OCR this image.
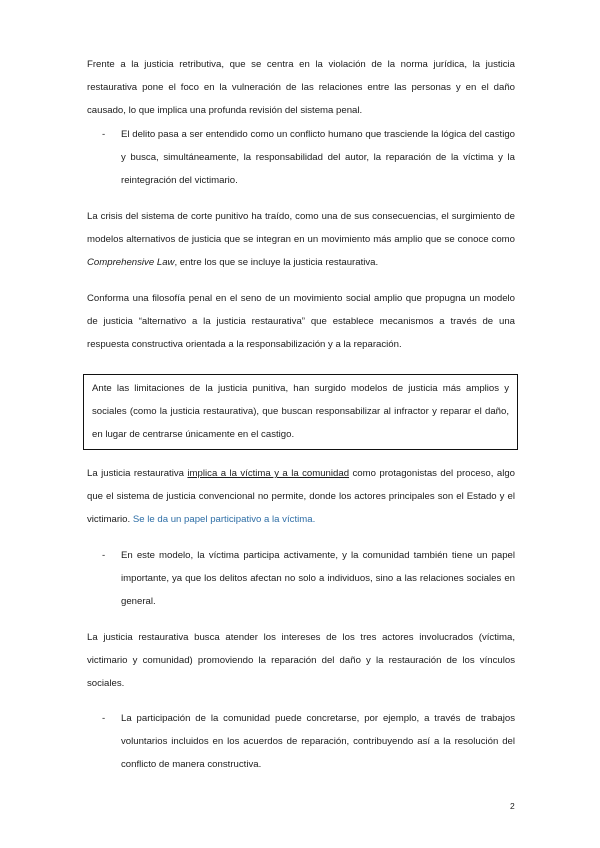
Frente a la justicia retributiva, que se centra en la violación de la norma jurídica, la justicia restaurativa pone el foco en la vulneración de las relaciones entre las personas y en el daño causado, lo que implica una profunda revisión del sistema penal.

- El delito pasa a ser entendido como un conflicto humano que trasciende la lógica del castigo y busca, simultáneamente, la responsabilidad del autor, la reparación de la víctima y la reintegración del victimario.

La crisis del sistema de corte punitivo ha traído, como una de sus consecuencias, el surgimiento de modelos alternativos de justicia que se integran en un movimiento más amplio que se conoce como Comprehensive Law, entre los que se incluye la justicia restaurativa.

Conforma una filosofía penal en el seno de un movimiento social amplio que propugna un modelo de justicia “alternativo a la justicia restaurativa” que establece mecanismos a través de una respuesta constructiva orientada a la responsabilización y a la reparación.

Ante las limitaciones de la justicia punitiva, han surgido modelos de justicia más amplios y sociales (como la justicia restaurativa), que buscan responsabilizar al infractor y reparar el daño, en lugar de centrarse únicamente en el castigo.

La justicia restaurativa implica a la víctima y a la comunidad como protagonistas del proceso, algo que el sistema de justicia convencional no permite, donde los actores principales son el Estado y el victimario. Se le da un papel participativo a la víctima.

- En este modelo, la víctima participa activamente, y la comunidad también tiene un papel importante, ya que los delitos afectan no solo a individuos, sino a las relaciones sociales en general.

La justicia restaurativa busca atender los intereses de los tres actores involucrados (víctima, victimario y comunidad) promoviendo la reparación del daño y la restauración de los vínculos sociales.

- La participación de la comunidad puede concretarse, por ejemplo, a través de trabajos voluntarios incluidos en los acuerdos de reparación, contribuyendo así a la resolución del conflicto de manera constructiva.

2
